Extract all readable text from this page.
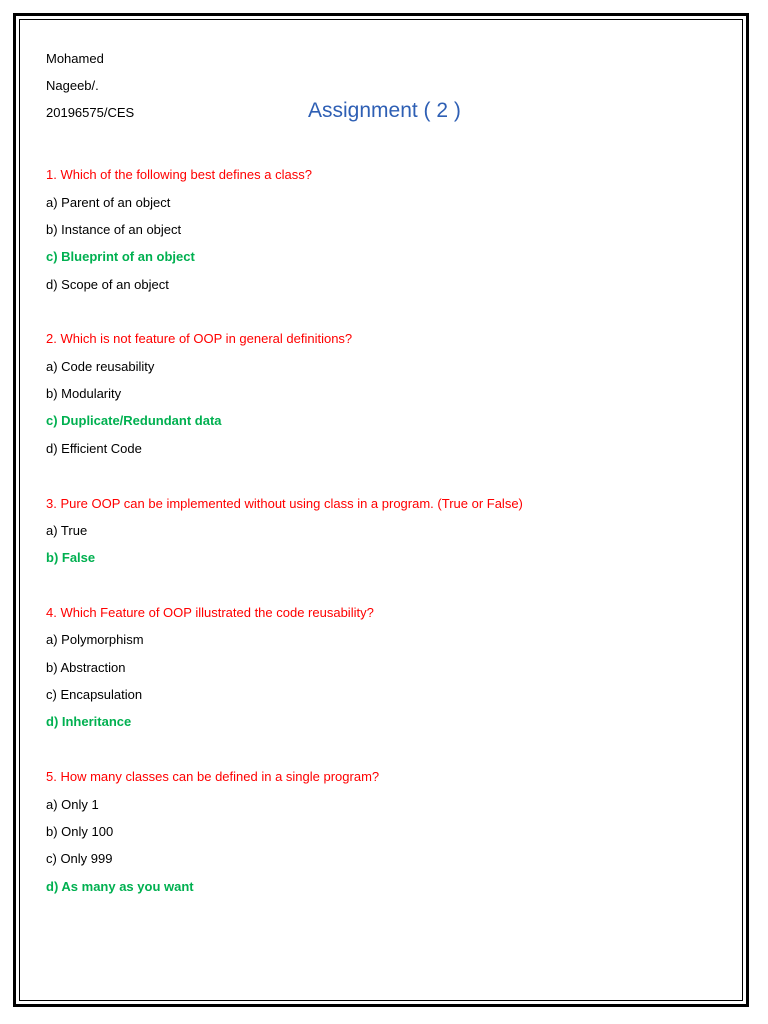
Mohamed
Nageeb/.
20196575/CES	Assignment ( 2 )
1. Which of the following best defines a class?
a) Parent of an object
b) Instance of an object
c) Blueprint of an object
d) Scope of an object
2. Which is not feature of OOP in general definitions?
a) Code reusability
b) Modularity
c) Duplicate/Redundant data
d) Efficient Code
3. Pure OOP can be implemented without using class in a program. (True or False)
a) True
b) False
4. Which Feature of OOP illustrated the code reusability?
a) Polymorphism
b) Abstraction
c) Encapsulation
d) Inheritance
5. How many classes can be defined in a single program?
a) Only 1
b) Only 100
c) Only 999
d) As many as you want
